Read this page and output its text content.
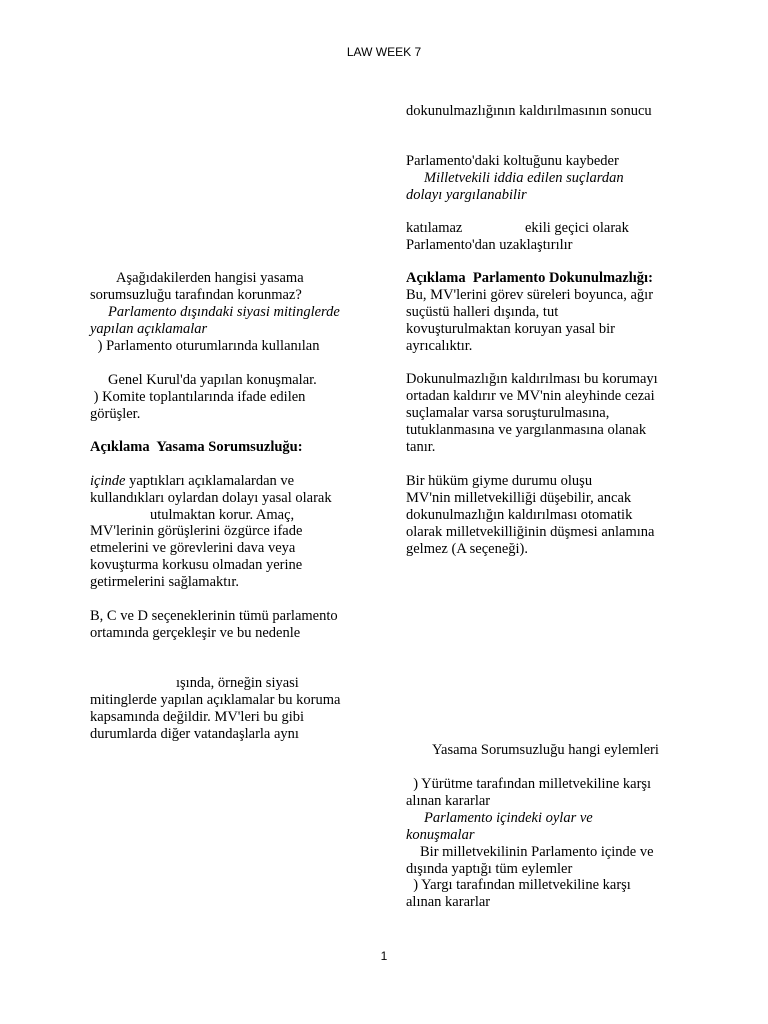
LAW WEEK 7
dokunulmazlığının kaldırılmasının sonucu
Parlamento'daki koltuğunu kaybeder
Milletvekili iddia edilen suçlardan
dolayı yargılanabilir
katılamaz	ekili geçici olarak
Parlamento'dan uzaklaştırılır
Açıklama  Parlamento Dokunulmazlığı:
Bu, MV'lerini görev süreleri boyunca, ağır
suçüstü halleri dışında, tut
kovuşturulmaktan koruyan yasal bir
ayrıcalıktır.
Dokunulmazlığın kaldırılması bu korumayı
ortadan kaldırır ve MV'nin aleyhinde cezai
suçlamalar varsa soruşturulmasına,
tutuklanmasına ve yargılanmasına olanak
tanır.
Bir hüküm giyme durumu oluşu
MV'nin milletvekilliği düşebilir, ancak
dokunulmazlığın kaldırılması otomatik
olarak milletvekilliğinin düşmesi anlamına
gelmez (A seçeneği).
Yasama Sorumsuzluğu hangi eylemleri
) Yürütme tarafından milletvekiline karşı
alınan kararlar
Parlamento içindeki oylar ve
konuşmalar
Bir milletvekilinin Parlamento içinde ve
dışında yaptığı tüm eylemler
) Yargı tarafından milletvekiline karşı
alınan kararlar
Aşağıdakilerden hangisi yasama
sorumsuzluğu tarafından korunmaz?
Parlamento dışındaki siyasi mitinglerde
yapılan açıklamalar
) Parlamento oturumlarında kullanılan
Genel Kurul'da yapılan konuşmalar.
) Komite toplantılarında ifade edilen
görüşler.
Açıklama  Yasama Sorumsuzluğu:
içinde yaptıkları açıklamalardan ve
kullandıkları oylardan dolayı yasal olarak
utulmaktan korur. Amaç,
MV'lerinin görüşlerini özgürce ifade
etmelerini ve görevlerini dava veya
kovuşturma korkusu olmadan yerine
getirmelerini sağlamaktır.
B, C ve D seçeneklerinin tümü parlamento
ortamında gerçekleşir ve bu nedenle
ışında, örneğin siyasi
mitinglerde yapılan açıklamalar bu koruma
kapsamında değildir. MV'leri bu gibi
durumlarda diğer vatandaşlarla aynı
1
